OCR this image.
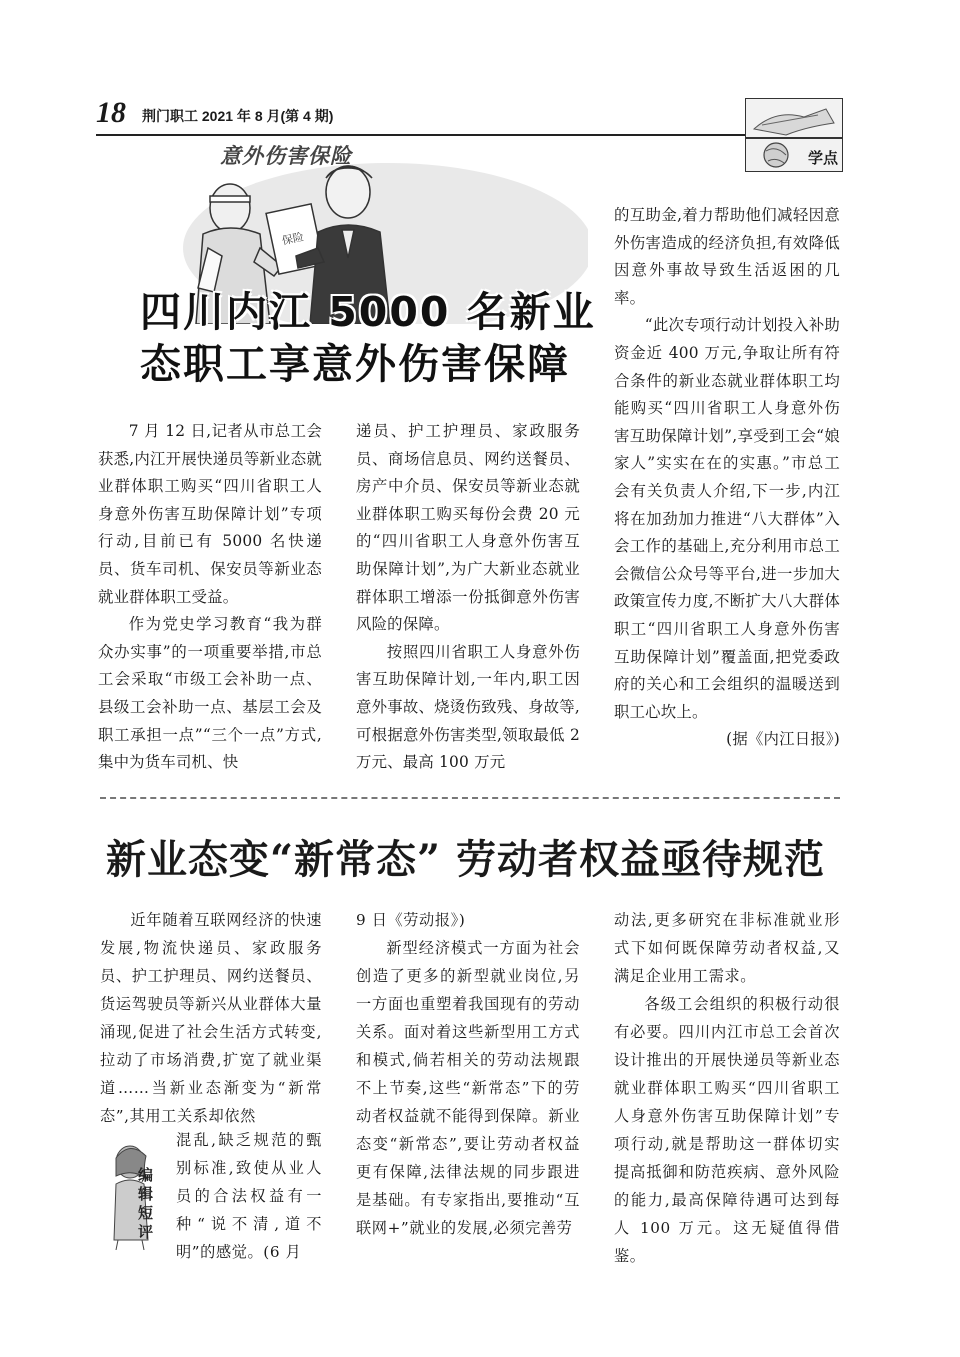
18 荆门职工 2021 年 8 月(第 4 期)
学点
保险
意外伤害保险
四川内江 5000 名新业
态职工享意外伤害保障

7 月 12 日,记者从市总工会获悉,内江开展快递员等新业态就业群体职工购买“四川省职工人身意外伤害互助保障计划”专项行动,目前已有 5000 名快递员、货车司机、保安员等新业态就业群体职工受益。

作为党史学习教育“我为群众办实事”的一项重要举措,市总工会采取“市级工会补助一点、县级工会补助一点、基层工会及职工承担一点”“三个一点”方式,集中为货车司机、快

递员、护工护理员、家政服务员、商场信息员、网约送餐员、房产中介员、保安员等新业态就业群体职工购买每份会费 20 元的“四川省职工人身意外伤害互助保障计划”,为广大新业态就业群体职工增添一份抵御意外伤害风险的保障。

按照四川省职工人身意外伤害互助保障计划,一年内,职工因意外事故、烧烫伤致残、身故等,可根据意外伤害类型,领取最低 2 万元、最高 100 万元

的互助金,着力帮助他们减轻因意外伤害造成的经济负担,有效降低因意外事故导致生活返困的几率。

“此次专项行动计划投入补助资金近 400 万元,争取让所有符合条件的新业态就业群体职工均能购买“四川省职工人身意外伤害互助保障计划”,享受到工会“娘家人”实实在在的实惠。”市总工会有关负责人介绍,下一步,内江将在加劲加力推进“八大群体”入会工作的基础上,充分利用市总工会微信公众号等平台,进一步加大政策宣传力度,不断扩大八大群体职工“四川省职工人身意外伤害互助保障计划”覆盖面,把党委政府的关心和工会组织的温暖送到职工心坎上。

(据《内江日报》)

新业态变“新常态” 劳动者权益亟待规范

近年随着互联网经济的快速发展,物流快递员、家政服务员、护工护理员、网约送餐员、货运驾驶员等新兴从业群体大量涌现,促进了社会生活方式转变,拉动了市场消费,扩宽了就业渠道……当新业态渐变为“新常态”,其用工关系却依然

混乱,缺乏规范的甄别标准,致使从业人员的合法权益有一种“说不清,道不明”的感觉。(6 月

编辑短评

9 日《劳动报》)

新型经济模式一方面为社会创造了更多的新型就业岗位,另一方面也重塑着我国现有的劳动关系。面对着这些新型用工方式和模式,倘若相关的劳动法规跟不上节奏,这些“新常态”下的劳动者权益就不能得到保障。新业态变“新常态”,要让劳动者权益更有保障,法律法规的同步跟进是基础。有专家指出,要推动“互联网+”就业的发展,必须完善劳

动法,更多研究在非标准就业形式下如何既保障劳动者权益,又满足企业用工需求。

各级工会组织的积极行动很有必要。四川内江市总工会首次设计推出的开展快递员等新业态就业群体职工购买“四川省职工人身意外伤害互助保障计划”专项行动,就是帮助这一群体切实提高抵御和防范疾病、意外风险的能力,最高保障待遇可达到每人 100 万元。这无疑值得借鉴。
